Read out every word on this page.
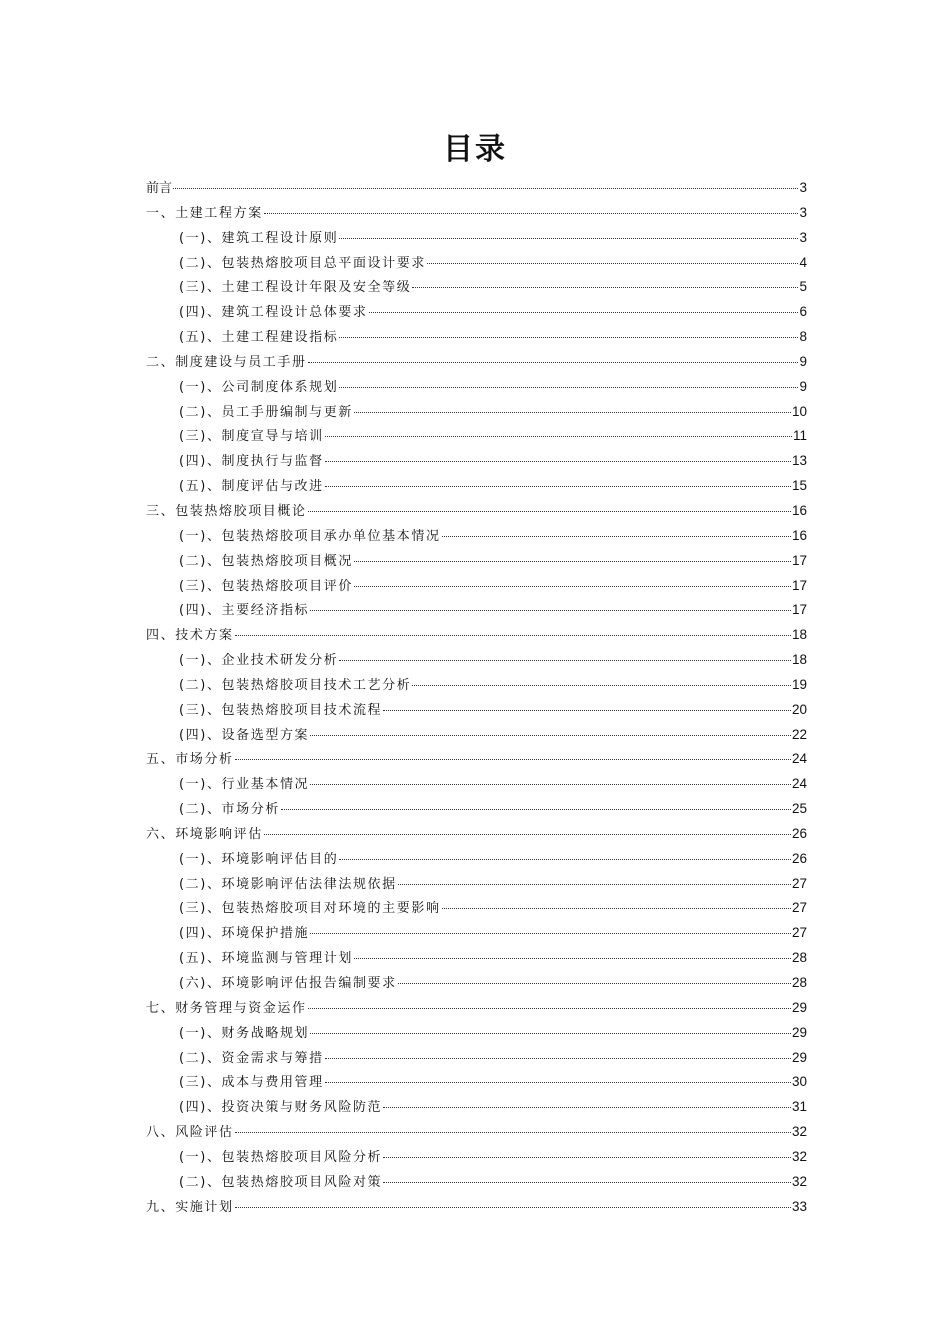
目录
前言	3
一、土建工程方案	3
(一)、建筑工程设计原则	3
(二)、包装热熔胶项目总平面设计要求	4
(三)、土建工程设计年限及安全等级	5
(四)、建筑工程设计总体要求	6
(五)、土建工程建设指标	8
二、制度建设与员工手册	9
(一)、公司制度体系规划	9
(二)、员工手册编制与更新	10
(三)、制度宣导与培训	11
(四)、制度执行与监督	13
(五)、制度评估与改进	15
三、包装热熔胶项目概论	16
(一)、包装热熔胶项目承办单位基本情况	16
(二)、包装热熔胶项目概况	17
(三)、包装热熔胶项目评价	17
(四)、主要经济指标	17
四、技术方案	18
(一)、企业技术研发分析	18
(二)、包装热熔胶项目技术工艺分析	19
(三)、包装热熔胶项目技术流程	20
(四)、设备选型方案	22
五、市场分析	24
(一)、行业基本情况	24
(二)、市场分析	25
六、环境影响评估	26
(一)、环境影响评估目的	26
(二)、环境影响评估法律法规依据	27
(三)、包装热熔胶项目对环境的主要影响	27
(四)、环境保护措施	27
(五)、环境监测与管理计划	28
(六)、环境影响评估报告编制要求	28
七、财务管理与资金运作	29
(一)、财务战略规划	29
(二)、资金需求与筹措	29
(三)、成本与费用管理	30
(四)、投资决策与财务风险防范	31
八、风险评估	32
(一)、包装热熔胶项目风险分析	32
(二)、包装热熔胶项目风险对策	32
九、实施计划	33
